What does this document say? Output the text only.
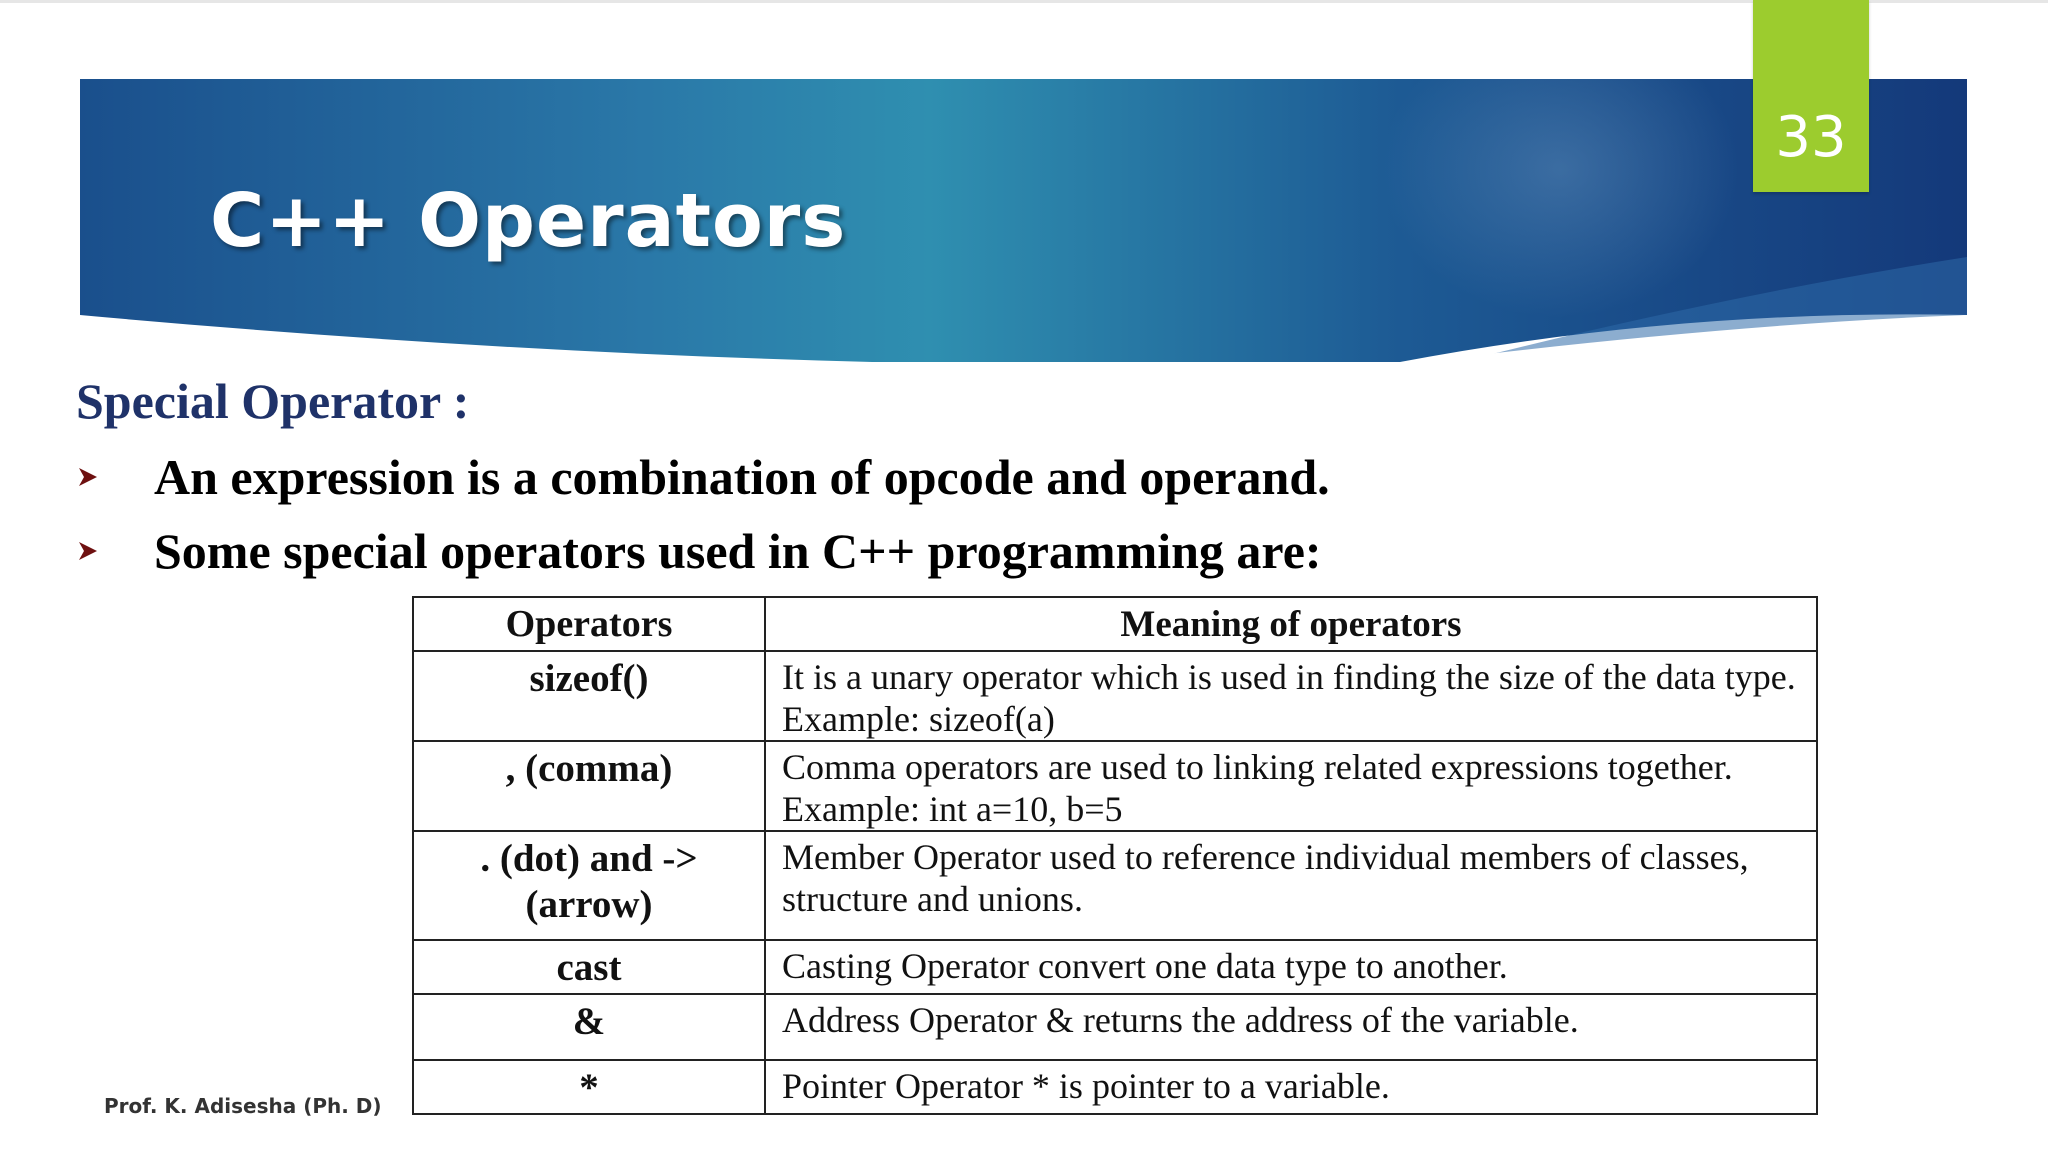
33
C++ Operators
Special Operator :
An expression is a combination of opcode and operand.
Some special operators used in C++ programming are:
Operators	Meaning of operators

sizeof()	It is a unary operator which is used in finding the size of the data type.
Example: sizeof(a)

, (comma)	Comma operators are used to linking related expressions together.
Example: int a=10, b=5

. (dot) and ->
(arrow)	Member Operator used to reference individual members of classes,
structure and unions.

cast	Casting Operator convert one data type to another.

&	Address Operator & returns the address of the variable.

*	Pointer Operator * is pointer to a variable.
Prof. K. Adisesha (Ph. D)
